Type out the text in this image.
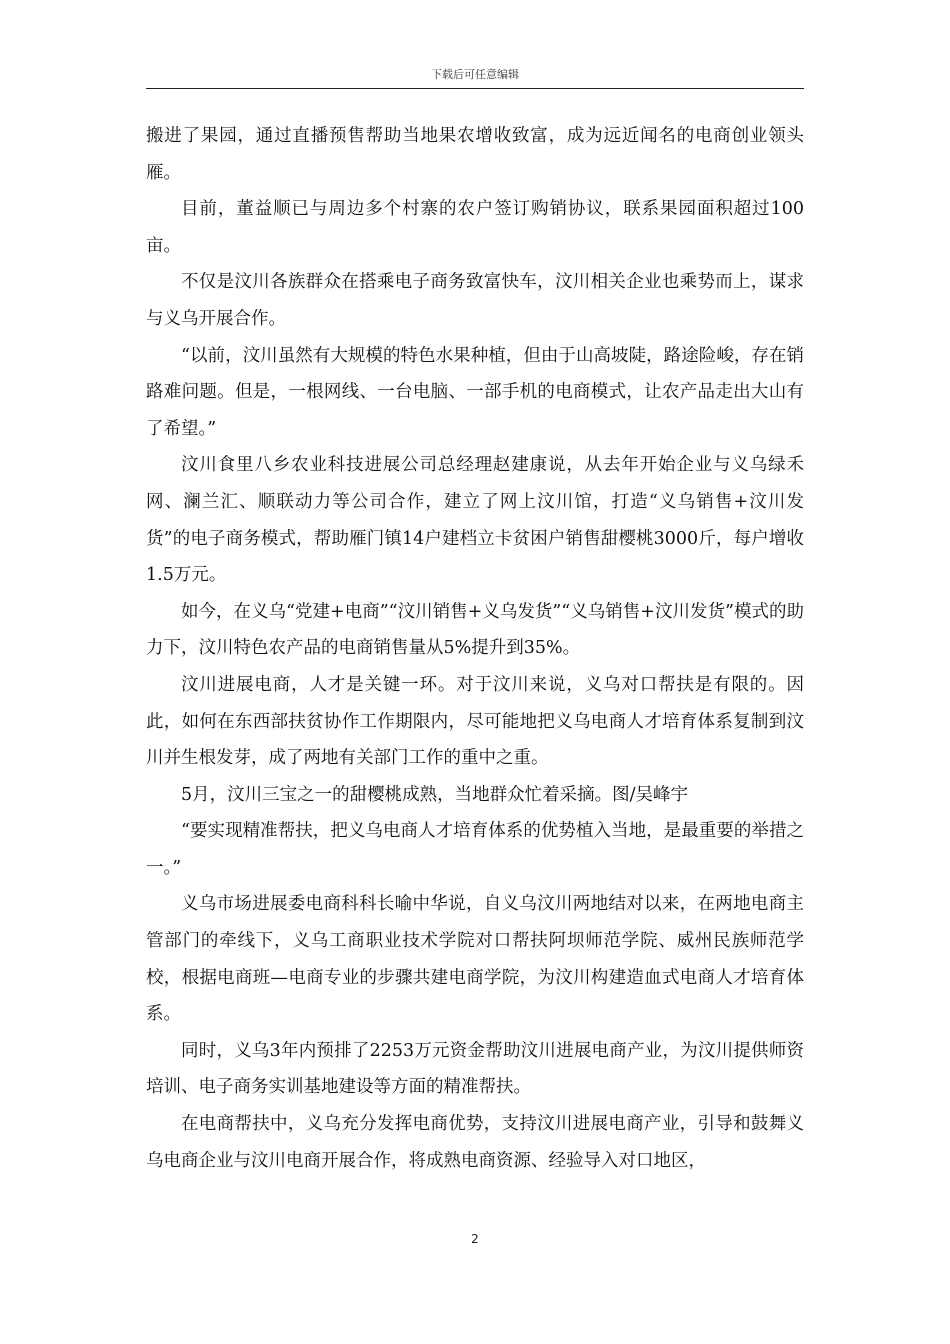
下载后可任意编辑

搬进了果园，通过直播预售帮助当地果农增收致富，成为远近闻名的电商创业领头雁。

目前，董益顺已与周边多个村寨的农户签订购销协议，联系果园面积超过100亩。

不仅是汶川各族群众在搭乘电子商务致富快车，汶川相关企业也乘势而上，谋求与义乌开展合作。

“以前，汶川虽然有大规模的特色水果种植，但由于山高坡陡，路途险峻，存在销路难问题。但是，一根网线、一台电脑、一部手机的电商模式，让农产品走出大山有了希望。”

汶川食里八乡农业科技进展公司总经理赵建康说，从去年开始企业与义乌绿禾网、澜兰汇、顺联动力等公司合作，建立了网上汶川馆，打造“义乌销售+汶川发货”的电子商务模式，帮助雁门镇14户建档立卡贫困户销售甜樱桃3000斤，每户增收1.5万元。

如今，在义乌“党建+电商”“汶川销售+义乌发货”“义乌销售+汶川发货”模式的助力下，汶川特色农产品的电商销售量从5%提升到35%。

汶川进展电商，人才是关键一环。对于汶川来说，义乌对口帮扶是有限的。因此，如何在东西部扶贫协作工作期限内，尽可能地把义乌电商人才培育体系复制到汶川并生根发芽，成了两地有关部门工作的重中之重。

5月，汶川三宝之一的甜樱桃成熟，当地群众忙着采摘。图/吴峰宇

“要实现精准帮扶，把义乌电商人才培育体系的优势植入当地，是最重要的举措之一。”

义乌市场进展委电商科科长喻中华说，自义乌汶川两地结对以来，在两地电商主管部门的牵线下，义乌工商职业技术学院对口帮扶阿坝师范学院、威州民族师范学校，根据电商班—电商专业的步骤共建电商学院，为汶川构建造血式电商人才培育体系。

同时，义乌3年内预排了2253万元资金帮助汶川进展电商产业，为汶川提供师资培训、电子商务实训基地建设等方面的精准帮扶。

在电商帮扶中，义乌充分发挥电商优势，支持汶川进展电商产业，引导和鼓舞义乌电商企业与汶川电商开展合作，将成熟电商资源、经验导入对口地区，

2
